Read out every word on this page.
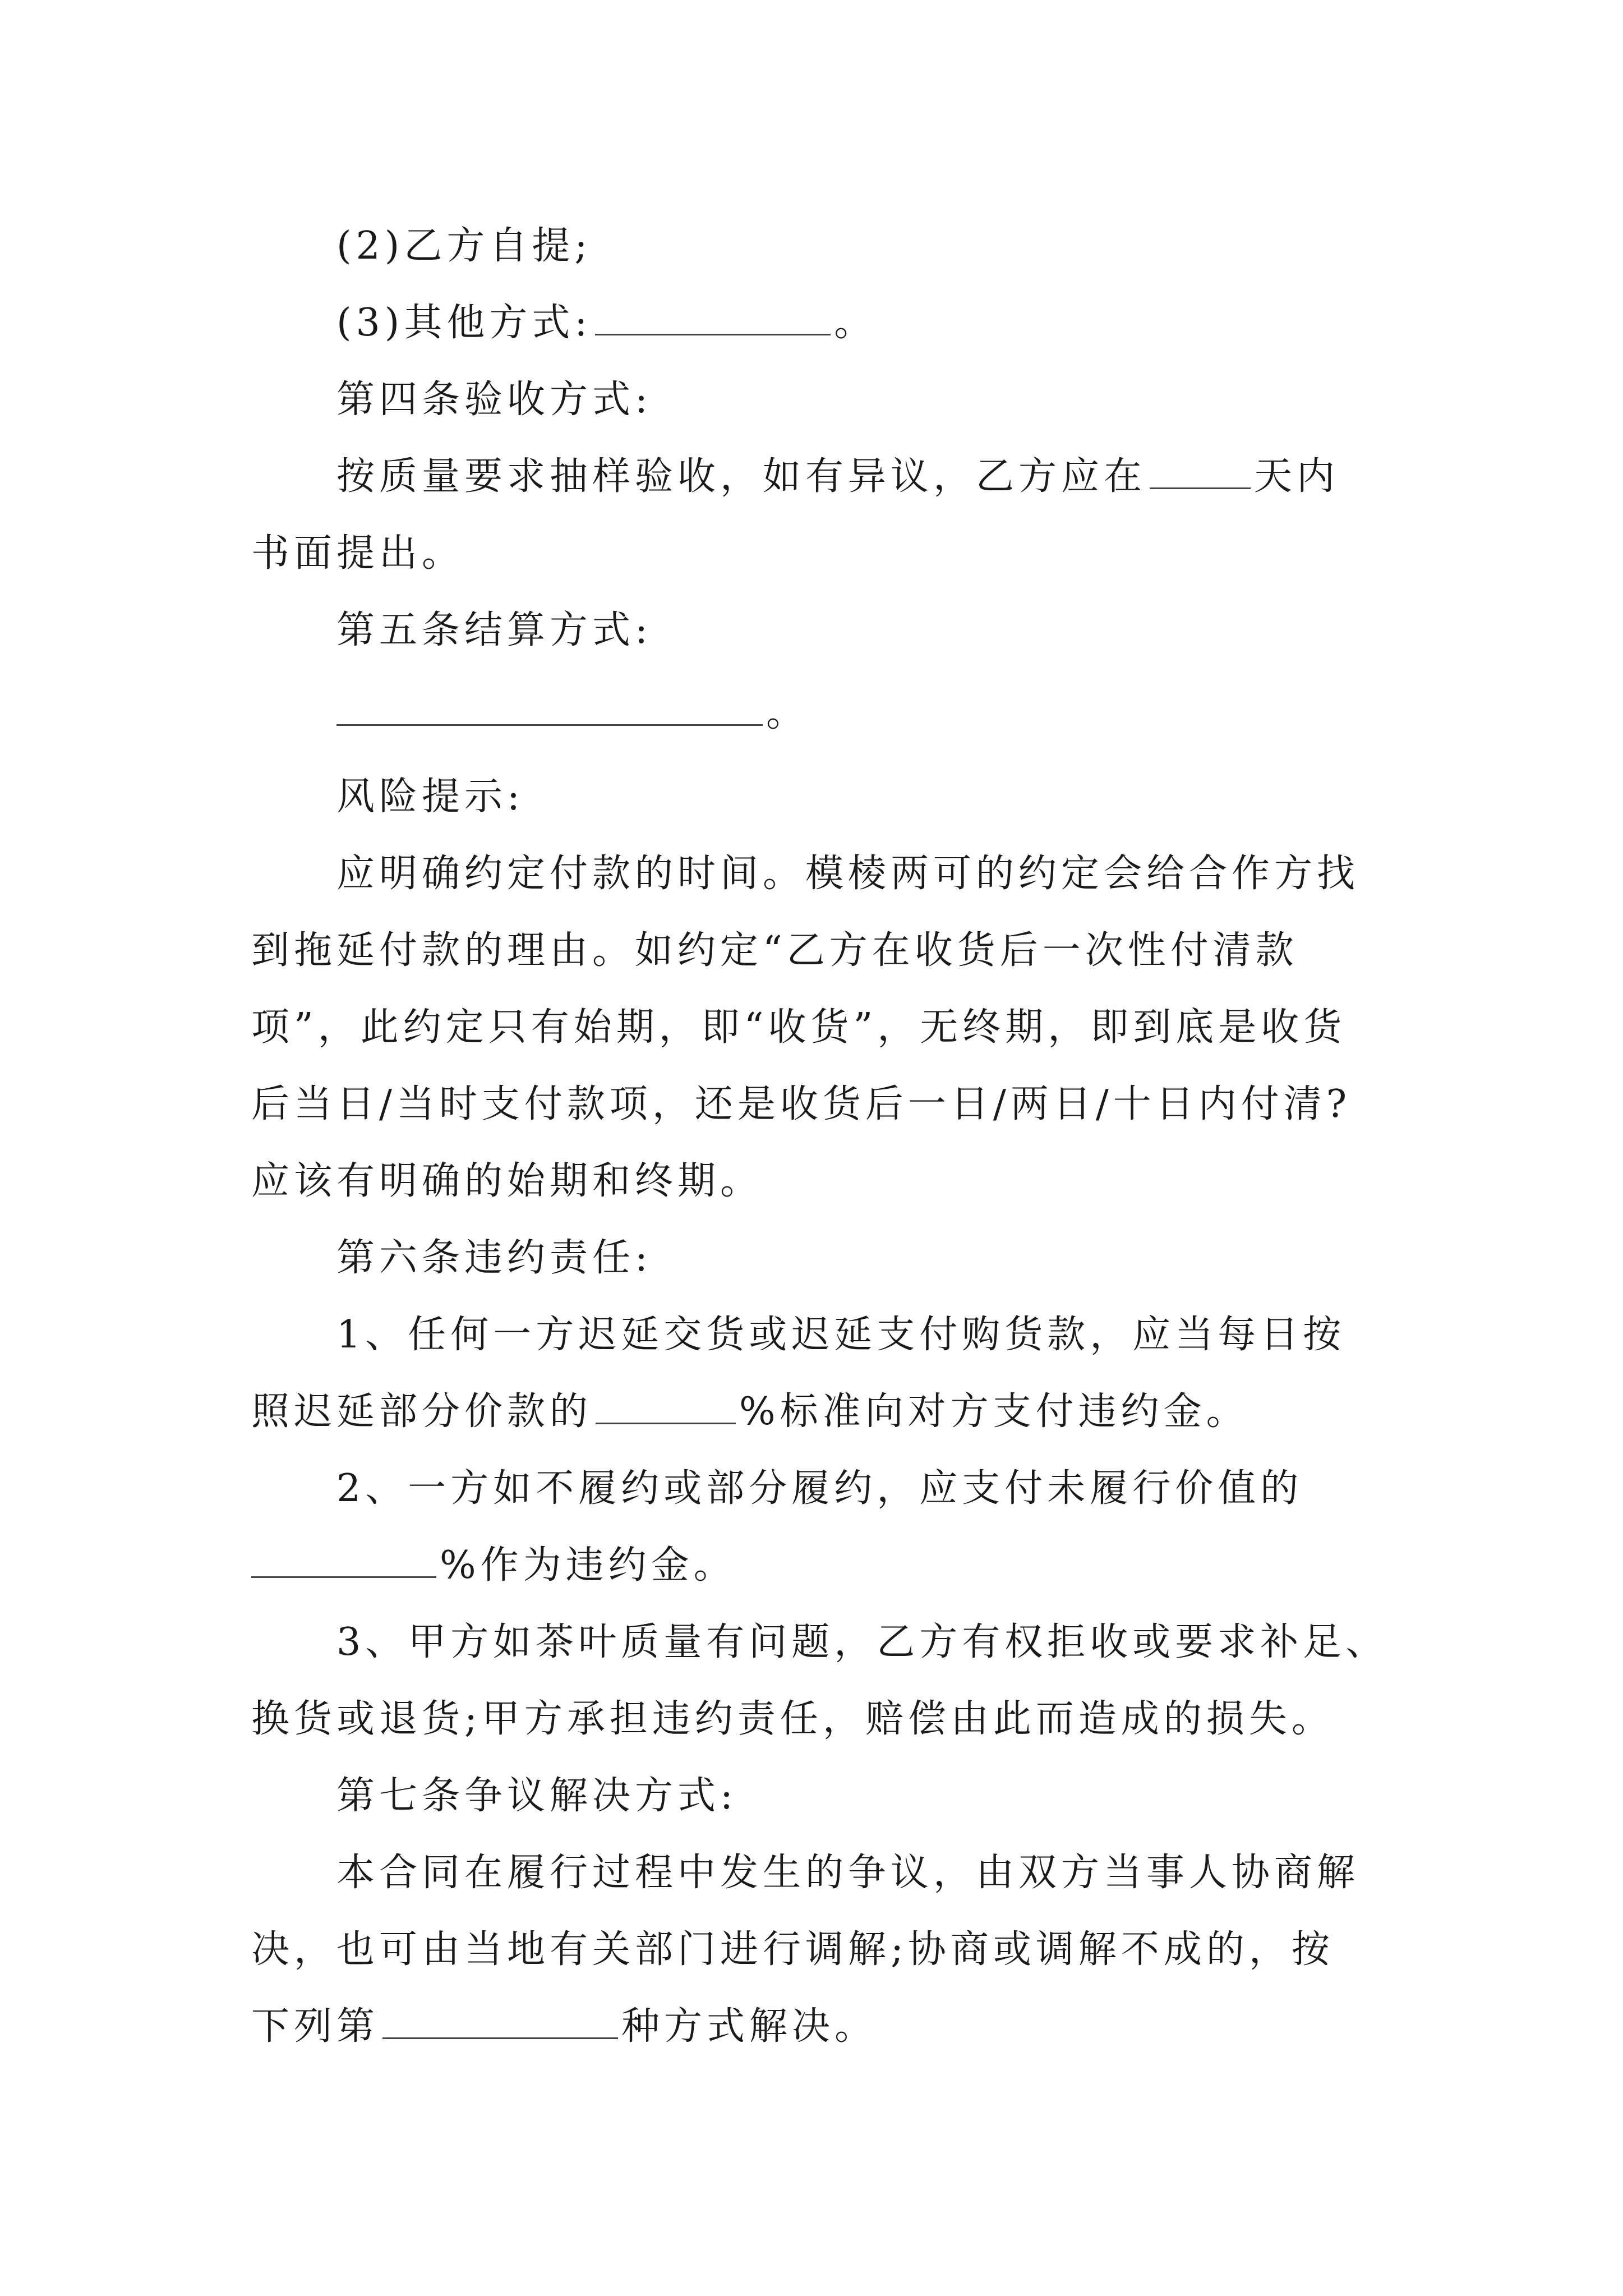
(2)乙方自提;
(3)其他方式:	。
第四条验收方式:
按质量要求抽样验收，如有异议，乙方应在	天内
书面提出。
第五条结算方式:
。
风险提示:
应明确约定付款的时间。模棱两可的约定会给合作方找
到拖延付款的理由。如约定“乙方在收货后一次性付清款
项”，此约定只有始期，即“收货”，无终期，即到底是收货
后当日/当时支付款项，还是收货后一日/两日/十日内付清?
应该有明确的始期和终期。
第六条违约责任:
1、任何一方迟延交货或迟延支付购货款，应当每日按
照迟延部分价款的	%标准向对方支付违约金。
2、一方如不履约或部分履约，应支付未履行价值的
%作为违约金。
3、甲方如茶叶质量有问题，乙方有权拒收或要求补足、
换货或退货;甲方承担违约责任，赔偿由此而造成的损失。
第七条争议解决方式:
本合同在履行过程中发生的争议，由双方当事人协商解
决，也可由当地有关部门进行调解;协商或调解不成的，按
下列第	种方式解决。
